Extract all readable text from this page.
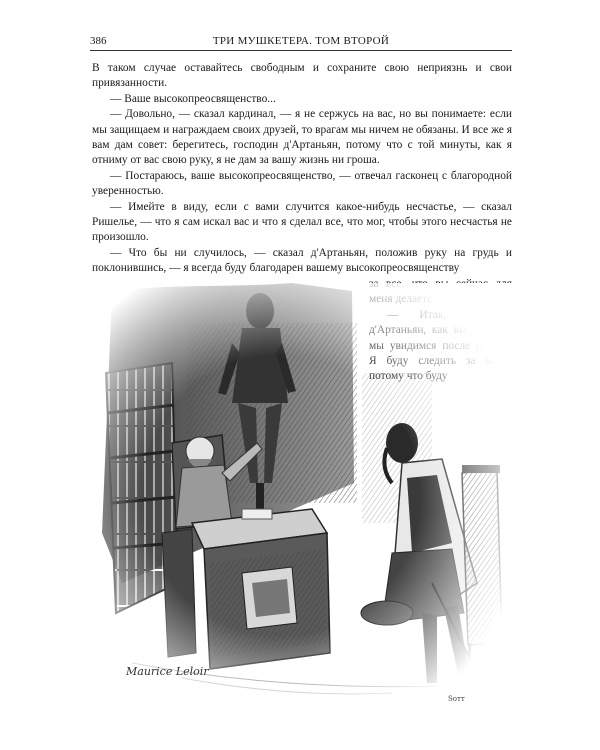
386	ТРИ МУШКЕТЕРА. ТОМ ВТОРОЙ

В таком случае оставайтесь свободным и сохраните свою неприязнь и свои привязанности.

— Ваше высокопреосвященство...

— Довольно, — сказал кардинал, — я не сержусь на вас, но вы понимаете: если мы защищаем и награждаем своих друзей, то врагам мы ничем не обязаны. И все же я вам дам совет: берегитесь, господин д'Артаньян, потому что с той минуты, как я отниму от вас свою руку, я не дам за вашу жизнь ни гроша.

— Постараюсь, ваше высокопреосвященство, — отвечал гасконец с благородной уверенностью.

— Имейте в виду, если с вами случится какое-нибудь несчастье, — сказал Ришелье, — что я сам искал вас и что я сделал все, что мог, чтобы этого несчастья не произошло.

— Что бы ни случилось, — сказал д'Артаньян, положив руку на грудь и поклонившись, — я всегда буду благодарен вашему высокопреосвященству

Maurice Leloir
Sотт
